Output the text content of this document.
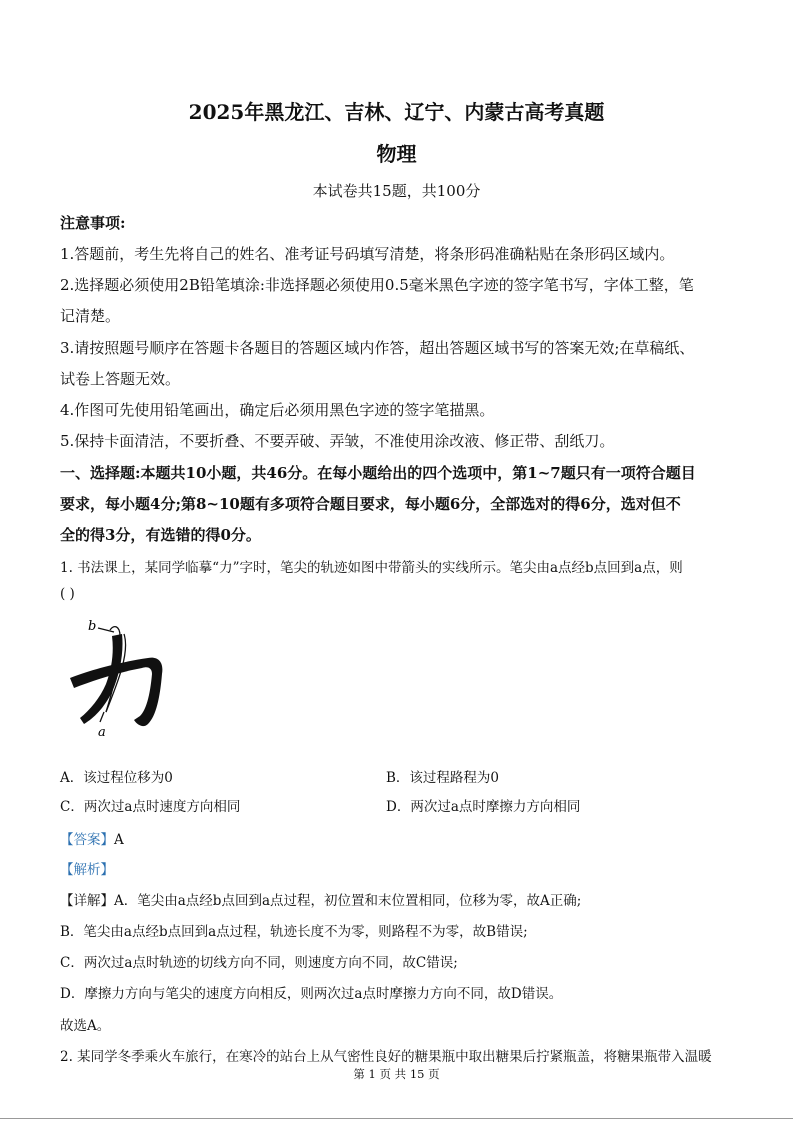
2025年黑龙江、吉林、辽宁、内蒙古高考真题
物理
本试卷共15题，共100分
注意事项:
1.答题前，考生先将自己的姓名、准考证号码填写清楚，将条形码准确粘贴在条形码区域内。
2.选择题必须使用2B铅笔填涂:非选择题必须使用0.5毫米黑色字迹的签字笔书写，字体工整，笔
记清楚。
3.请按照题号顺序在答题卡各题目的答题区域内作答，超出答题区域书写的答案无效;在草稿纸、
试卷上答题无效。
4.作图可先使用铅笔画出，确定后必须用黑色字迹的签字笔描黑。
5.保持卡面清洁，不要折叠、不要弄破、弄皱，不准使用涂改液、修正带、刮纸刀。
一、选择题:本题共10小题，共46分。在每小题给出的四个选项中，第1~7题只有一项符合题目
要求，每小题4分;第8~10题有多项符合题目要求，每小题6分，全部选对的得6分，选对但不
全的得3分，有选错的得0分。
1. 书法课上，某同学临摹“力”字时，笔尖的轨迹如图中带箭头的实线所示。笔尖由a点经b点回到a点，则
( )
b
a
A．该过程位移为0	B．该过程路程为0
C．两次过a点时速度方向相同	D．两次过a点时摩擦力方向相同
【答案】A
【解析】
【详解】A．笔尖由a点经b点回到a点过程，初位置和末位置相同，位移为零，故A正确;
B．笔尖由a点经b点回到a点过程，轨迹长度不为零，则路程不为零，故B错误;
C．两次过a点时轨迹的切线方向不同，则速度方向不同，故C错误;
D．摩擦力方向与笔尖的速度方向相反，则两次过a点时摩擦力方向不同，故D错误。
故选A。
2. 某同学冬季乘火车旅行，在寒冷的站台上从气密性良好的糖果瓶中取出糖果后拧紧瓶盖，将糖果瓶带入温暖
第 1 页 共 15 页
